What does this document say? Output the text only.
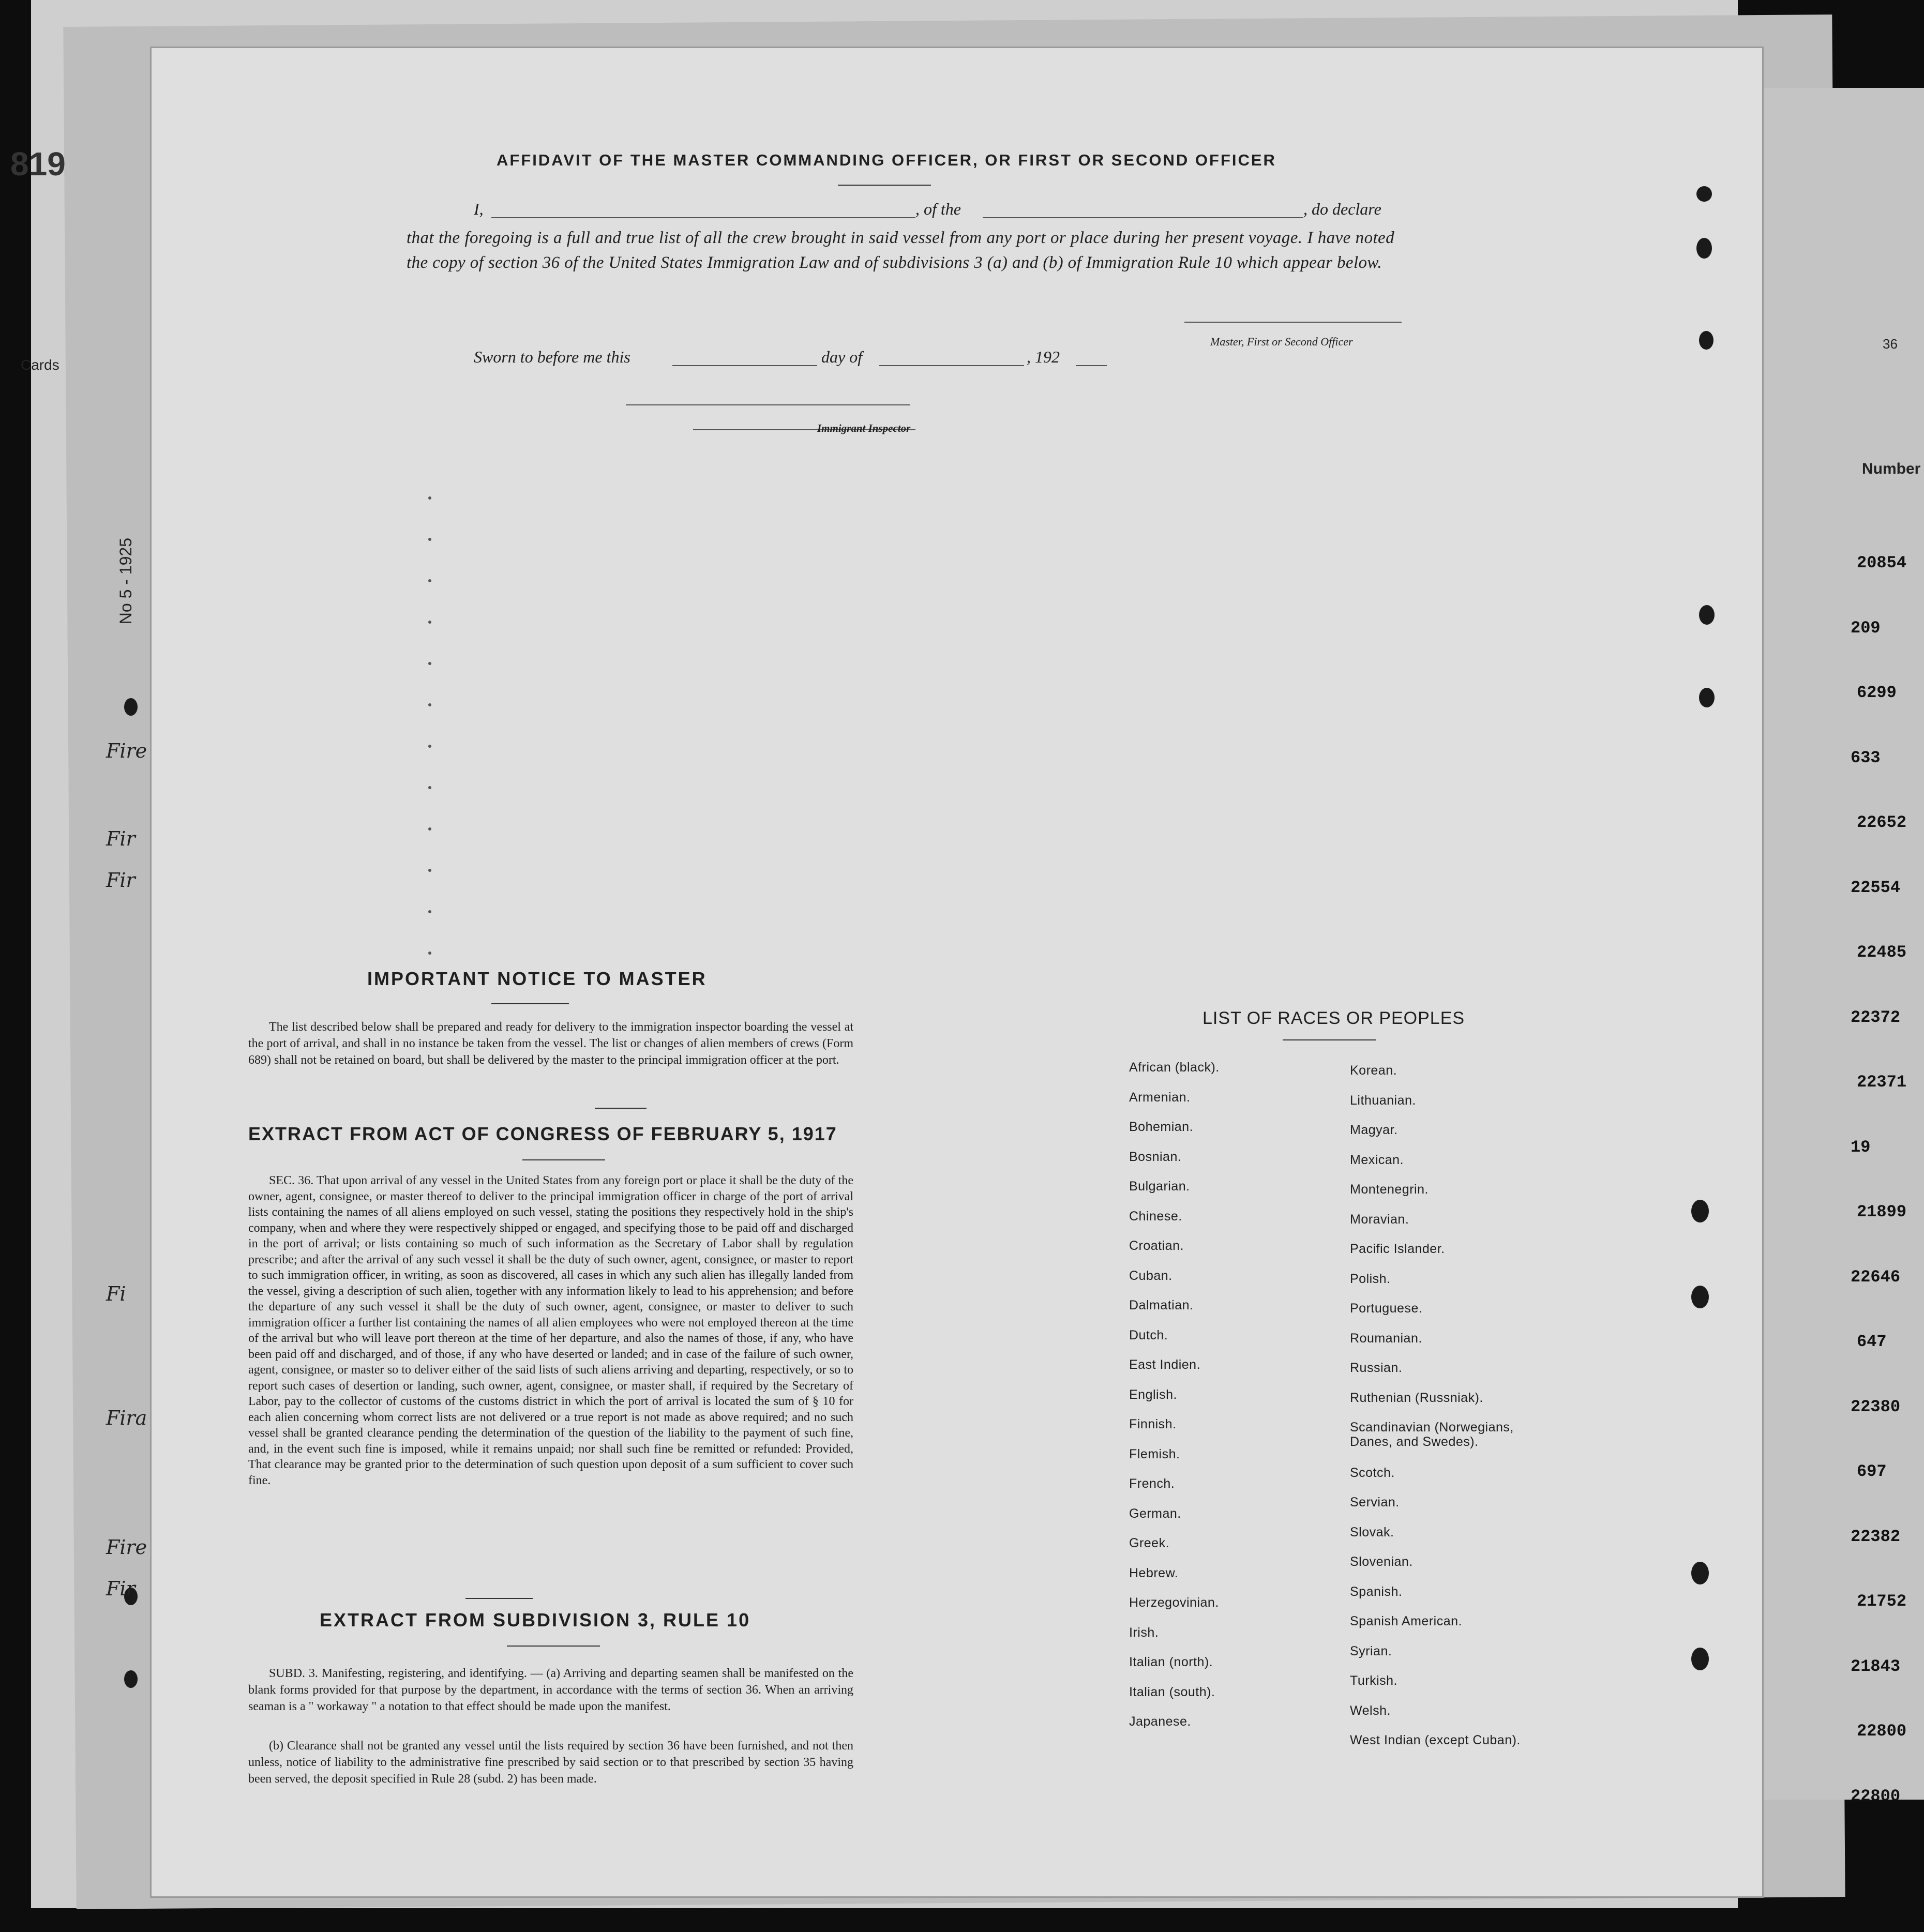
819
Cards
No 5 - 1925
Fire
Fir
Fir
Fi
Fira
Fire
Fir
36
Number
20854
209
6299
633
22652
22554
22485
22372
22371
19
21899
22646
647
22380
697
22382
21752
21843
22800
22800
AFFIDAVIT OF THE MASTER COMMANDING OFFICER, OR FIRST OR SECOND OFFICER
I,	, of the	, do declare
that the foregoing is a full and true list of all the crew brought in said vessel from any port or place during her present voyage. I have noted the copy of section 36 of the United States Immigration Law and of subdivisions 3 (a) and (b) of Immigration Rule 10 which appear below.
Master, First or Second Officer
Sworn to before me this	day of	, 192
Immigrant Inspector
IMPORTANT NOTICE TO MASTER
The list described below shall be prepared and ready for delivery to the immigration inspector boarding the vessel at the port of arrival, and shall in no instance be taken from the vessel. The list or changes of alien members of crews (Form 689) shall not be retained on board, but shall be delivered by the master to the principal immigration officer at the port.
EXTRACT FROM ACT OF CONGRESS OF FEBRUARY 5, 1917
SEC. 36. That upon arrival of any vessel in the United States from any foreign port or place it shall be the duty of the owner, agent, consignee, or master thereof to deliver to the principal immigration officer in charge of the port of arrival lists containing the names of all aliens employed on such vessel, stating the positions they respectively hold in the ship's company, when and where they were respectively shipped or engaged, and specifying those to be paid off and discharged in the port of arrival; or lists containing so much of such information as the Secretary of Labor shall by regulation prescribe; and after the arrival of any such vessel it shall be the duty of such owner, agent, consignee, or master to report to such immigration officer, in writing, as soon as discovered, all cases in which any such alien has illegally landed from the vessel, giving a description of such alien, together with any information likely to lead to his apprehension; and before the departure of any such vessel it shall be the duty of such owner, agent, consignee, or master to deliver to such immigration officer a further list containing the names of all alien employees who were not employed thereon at the time of the arrival but who will leave port thereon at the time of her departure, and also the names of those, if any, who have been paid off and discharged, and of those, if any who have deserted or landed; and in case of the failure of such owner, agent, consignee, or master so to deliver either of the said lists of such aliens arriving and departing, respectively, or so to report such cases of desertion or landing, such owner, agent, consignee, or master shall, if required by the Secretary of Labor, pay to the collector of customs of the customs district in which the port of arrival is located the sum of § 10 for each alien concerning whom correct lists are not delivered or a true report is not made as above required; and no such vessel shall be granted clearance pending the determination of the question of the liability to the payment of such fine, and, in the event such fine is imposed, while it remains unpaid; nor shall such fine be remitted or refunded: Provided, That clearance may be granted prior to the determination of such question upon deposit of a sum sufficient to cover such fine.
EXTRACT FROM SUBDIVISION 3, RULE 10
SUBD. 3. Manifesting, registering, and identifying. — (a) Arriving and departing seamen shall be manifested on the blank forms provided for that purpose by the department, in accordance with the terms of section 36. When an arriving seaman is a " workaway " a notation to that effect should be made upon the manifest.
(b) Clearance shall not be granted any vessel until the lists required by section 36 have been furnished, and not then unless, notice of liability to the administrative fine prescribed by said section or to that prescribed by section 35 having been served, the deposit specified in Rule 28 (subd. 2) has been made.
LIST OF RACES OR PEOPLES
African (black).
Armenian.
Bohemian.
Bosnian.
Bulgarian.
Chinese.
Croatian.
Cuban.
Dalmatian.
Dutch.
East Indien.
English.
Finnish.
Flemish.
French.
German.
Greek.
Hebrew.
Herzegovinian.
Irish.
Italian (north).
Italian (south).
Japanese.
Korean.
Lithuanian.
Magyar.
Mexican.
Montenegrin.
Moravian.
Pacific Islander.
Polish.
Portuguese.
Roumanian.
Russian.
Ruthenian (Russniak).
Scandinavian (Norwegians, Danes, and Swedes).
Scotch.
Servian.
Slovak.
Slovenian.
Spanish.
Spanish American.
Syrian.
Turkish.
Welsh.
West Indian (except Cuban).
